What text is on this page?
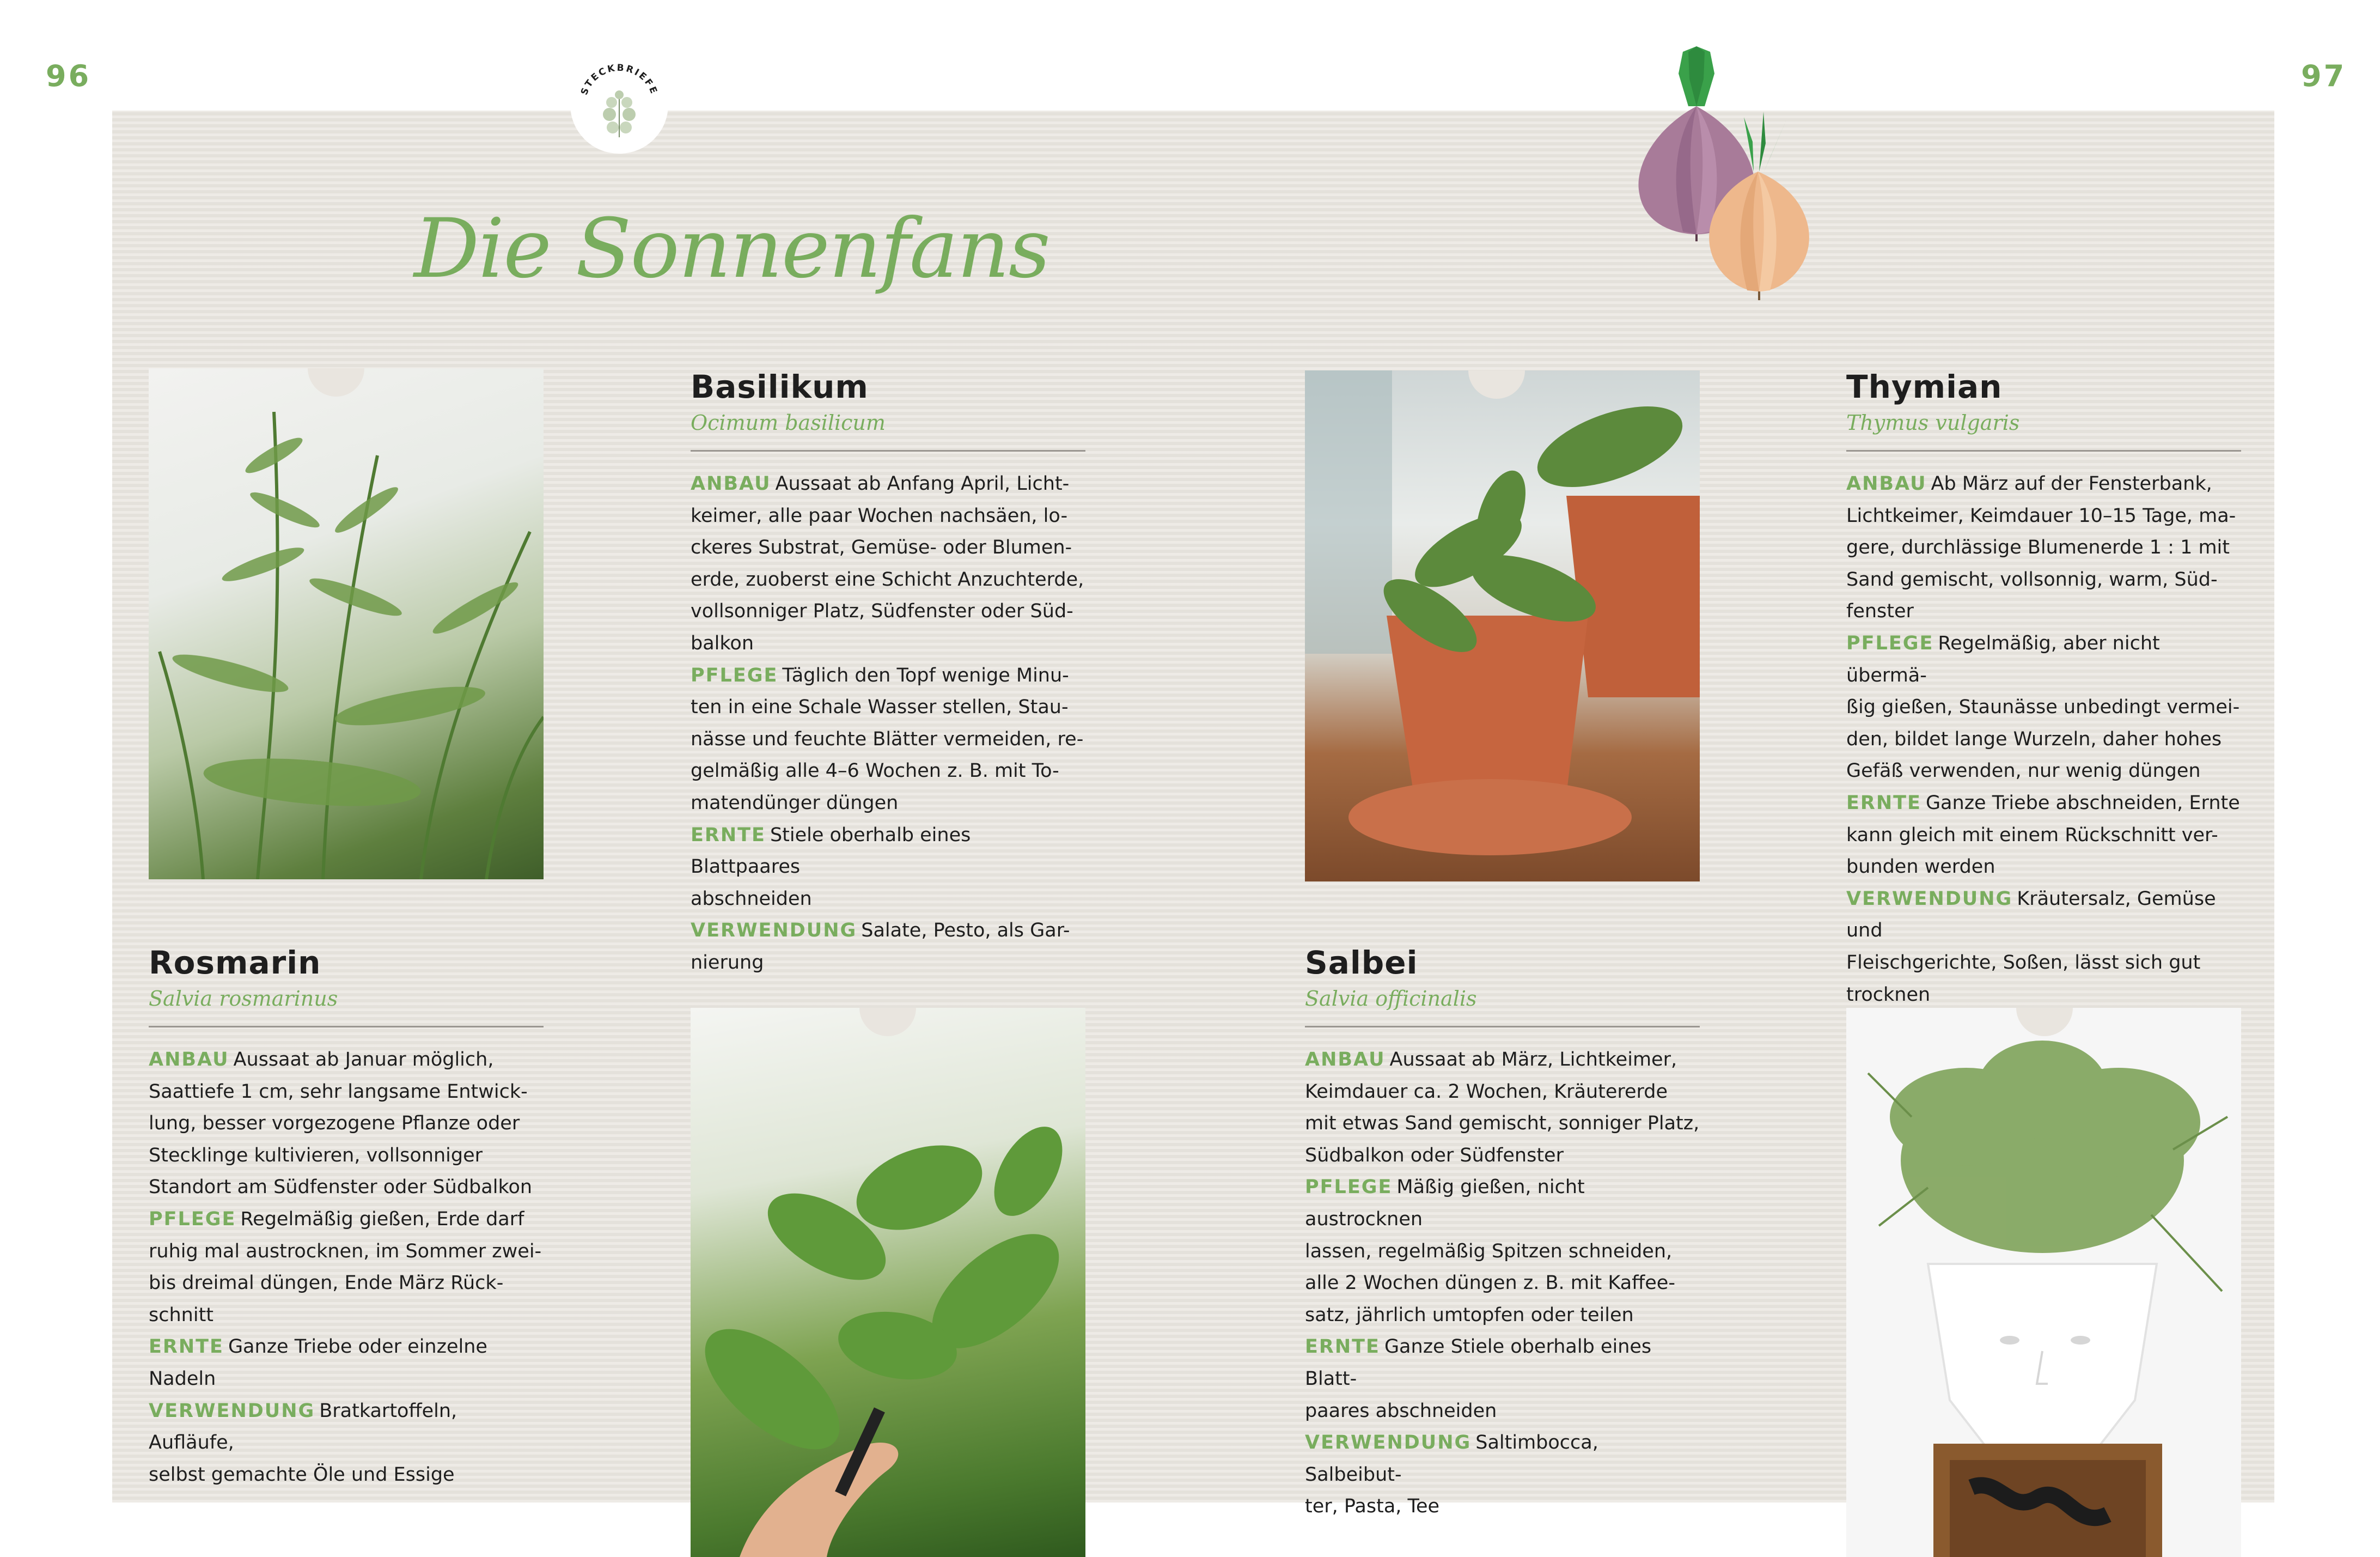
96	97
STECKBRIEFE
Die Sonnenfans
Basilikum
Ocimum basilicum

ANBAU Aussaat ab Anfang April, Licht-
keimer, alle paar Wochen nachsäen, lo-
ckeres Substrat, Gemüse- oder Blumen-
erde, zuoberst eine Schicht Anzuchterde,
vollsonniger Platz, Südfenster oder Süd-
balkon
PFLEGE Täglich den Topf wenige Minu-
ten in eine Schale Wasser stellen, Stau-
nässe und feuchte Blätter vermeiden, re-
gelmäßig alle 4–6 Wochen z. B. mit To-
matendünger düngen
ERNTE Stiele oberhalb eines Blattpaares
abschneiden
VERWENDUNG Salate, Pesto, als Gar-
nierung

Rosmarin
Salvia rosmarinus

ANBAU Aussaat ab Januar möglich,
Saattiefe 1 cm, sehr langsame Entwick-
lung, besser vorgezogene Pflanze oder
Stecklinge kultivieren, vollsonniger
Standort am Südfenster oder Südbalkon
PFLEGE Regelmäßig gießen, Erde darf
ruhig mal austrocknen, im Sommer zwei-
bis dreimal düngen, Ende März Rück-
schnitt
ERNTE Ganze Triebe oder einzelne
Nadeln
VERWENDUNG Bratkartoffeln, Aufläufe,
selbst gemachte Öle und Essige

Thymian
Thymus vulgaris

ANBAU Ab März auf der Fensterbank,
Lichtkeimer, Keimdauer 10–15 Tage, ma-
gere, durchlässige Blumenerde 1 : 1 mit
Sand gemischt, vollsonnig, warm, Süd-
fenster
PFLEGE Regelmäßig, aber nicht übermä-
ßig gießen, Staunässe unbedingt vermei-
den, bildet lange Wurzeln, daher hohes
Gefäß verwenden, nur wenig düngen
ERNTE Ganze Triebe abschneiden, Ernte
kann gleich mit einem Rückschnitt ver-
bunden werden
VERWENDUNG Kräutersalz, Gemüse und
Fleischgerichte, Soßen, lässt sich gut
trocknen

Salbei
Salvia officinalis

ANBAU Aussaat ab März, Lichtkeimer,
Keimdauer ca. 2 Wochen, Kräutererde
mit etwas Sand gemischt, sonniger Platz,
Südbalkon oder Südfenster
PFLEGE Mäßig gießen, nicht austrocknen
lassen, regelmäßig Spitzen schneiden,
alle 2 Wochen düngen z. B. mit Kaffee-
satz, jährlich umtopfen oder teilen
ERNTE Ganze Stiele oberhalb eines Blatt-
paares abschneiden
VERWENDUNG Saltimbocca, Salbeibut-
ter, Pasta, Tee
